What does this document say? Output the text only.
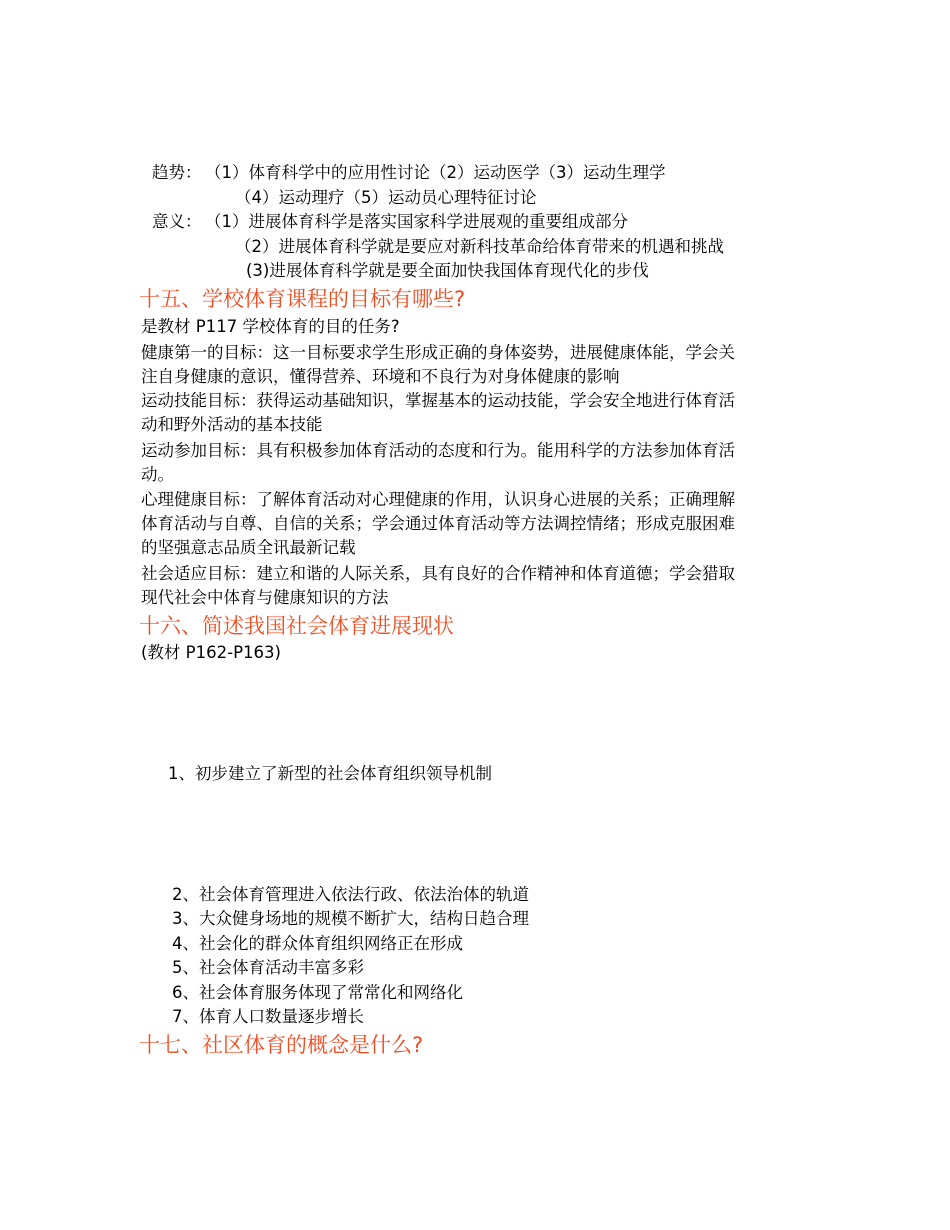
趋势： （1）体育科学中的应用性讨论（2）运动医学（3）运动生理学
（4）运动理疗（5）运动员心理特征讨论
意义： （1）进展体育科学是落实国家科学进展观的重要组成部分
（2）进展体育科学就是要应对新科技革命给体育带来的机遇和挑战
(3)进展体育科学就是要全面加快我国体育现代化的步伐
十五、学校体育课程的目标有哪些?
是教材 P117 学校体育的目的任务?
健康第一的目标：这一目标要求学生形成正确的身体姿势，进展健康体能，学会关
注自身健康的意识，懂得营养、环境和不良行为对身体健康的影响
运动技能目标：获得运动基础知识，掌握基本的运动技能，学会安全地进行体育活
动和野外活动的基本技能
运动参加目标：具有积极参加体育活动的态度和行为。能用科学的方法参加体育活
动。
心理健康目标：了解体育活动对心理健康的作用，认识身心进展的关系；正确理解
体育活动与自尊、自信的关系；学会通过体育活动等方法调控情绪；形成克服困难
的坚强意志品质全讯最新记载
社会适应目标：建立和谐的人际关系，具有良好的合作精神和体育道德；学会猎取
现代社会中体育与健康知识的方法
十六、简述我国社会体育进展现状
(教材 P162-P163)
1、初步建立了新型的社会体育组织领导机制
2、社会体育管理进入依法行政、依法治体的轨道
3、大众健身场地的规模不断扩大，结构日趋合理
4、社会化的群众体育组织网络正在形成
5、社会体育活动丰富多彩
6、社会体育服务体现了常常化和网络化
7、体育人口数量逐步增长
十七、社区体育的概念是什么?
